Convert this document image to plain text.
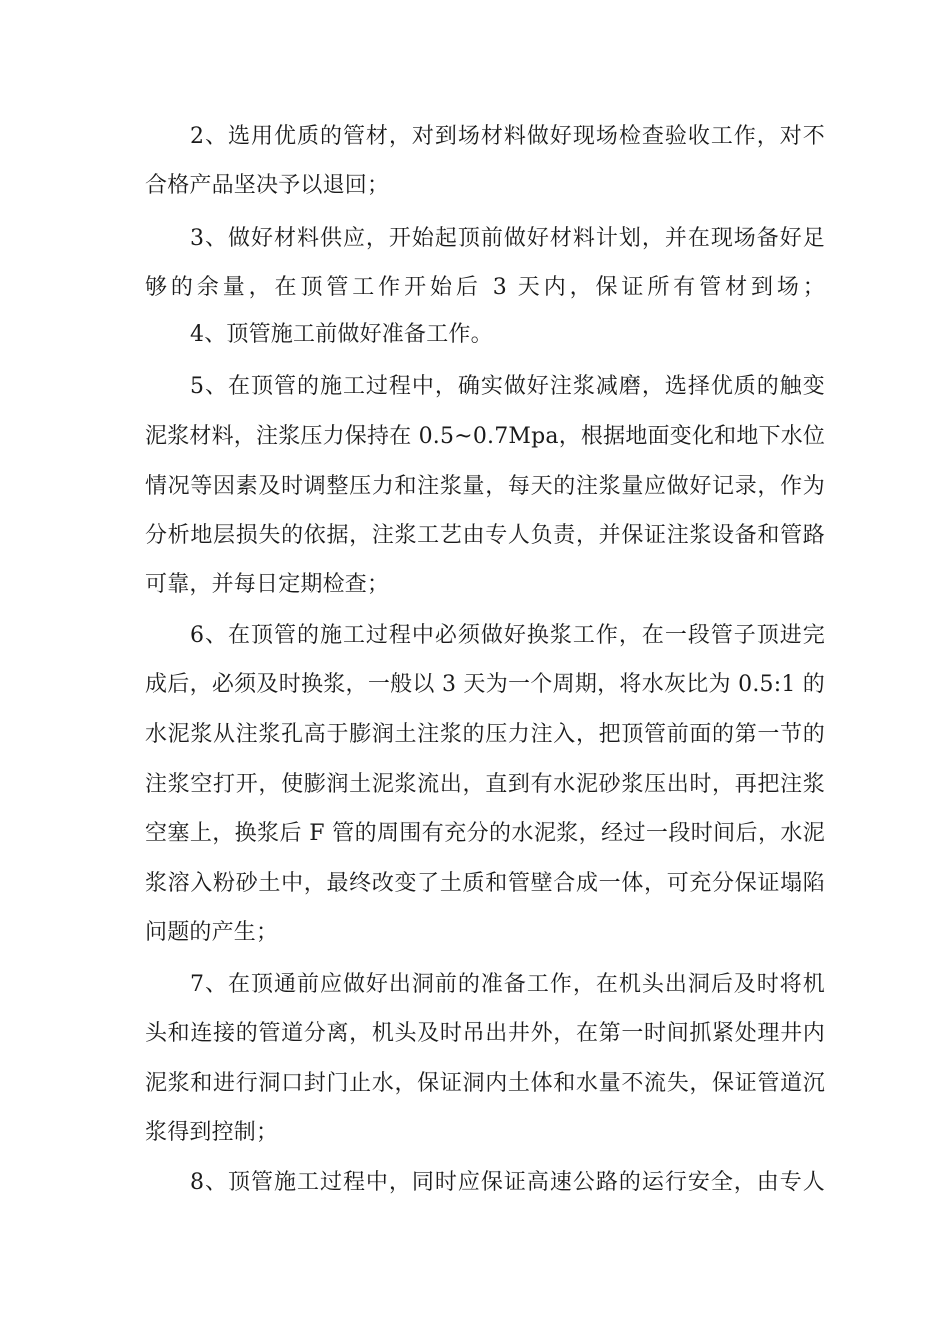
2、选用优质的管材，对到场材料做好现场检查验收工作，对不
合格产品坚决予以退回；
3、做好材料供应，开始起顶前做好材料计划，并在现场备好足
够的余量，在顶管工作开始后 3 天内，保证所有管材到场；
4、顶管施工前做好准备工作。
5、在顶管的施工过程中，确实做好注浆减磨，选择优质的触变
泥浆材料，注浆压力保持在 0.5~0.7Mpa，根据地面变化和地下水位
情况等因素及时调整压力和注浆量，每天的注浆量应做好记录，作为
分析地层损失的依据，注浆工艺由专人负责，并保证注浆设备和管路
可靠，并每日定期检查；
6、在顶管的施工过程中必须做好换浆工作，在一段管子顶进完
成后，必须及时换浆，一般以 3 天为一个周期，将水灰比为 0.5:1 的
水泥浆从注浆孔高于膨润土注浆的压力注入，把顶管前面的第一节的
注浆空打开，使膨润土泥浆流出，直到有水泥砂浆压出时，再把注浆
空塞上，换浆后 F 管的周围有充分的水泥浆，经过一段时间后，水泥
浆溶入粉砂土中，最终改变了土质和管壁合成一体，可充分保证塌陷
问题的产生；
7、在顶通前应做好出洞前的准备工作，在机头出洞后及时将机
头和连接的管道分离，机头及时吊出井外，在第一时间抓紧处理井内
泥浆和进行洞口封门止水，保证洞内土体和水量不流失，保证管道沉
浆得到控制；
8、顶管施工过程中，同时应保证高速公路的运行安全，由专人
